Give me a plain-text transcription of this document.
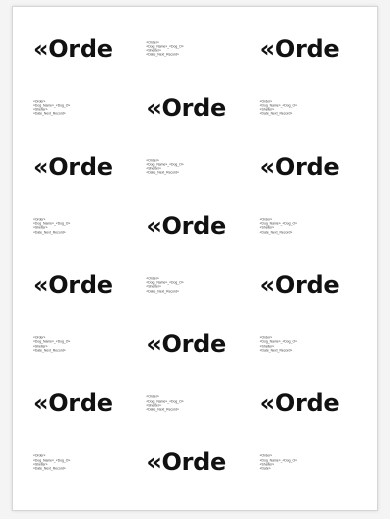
«Orde	«Order»
«Dog_Name»_«Dog_O»
«Shelter»
«Date_Next_Record»	«Orde
«Order»
«Dog_Name»_«Dog_O»
«Shelter»
«Date_Next_Record»	«Orde	«Order»
«Dog_Name»_«Dog_O»
«Shelter»
«Date_Next_Record»
«Orde	«Order»
«Dog_Name»_«Dog_O»
«Shelter»
«Date_Next_Record»	«Orde
«Order»
«Dog_Name»_«Dog_O»
«Shelter»
«Date_Next_Record»	«Orde	«Order»
«Dog_Name»_«Dog_O»
«Shelter»
«Date_Next_Record»
«Orde	«Order»
«Dog_Name»_«Dog_O»
«Shelter»
«Date_Next_Record»	«Orde
«Order»
«Dog_Name»_«Dog_O»
«Shelter»
«Date_Next_Record»	«Orde	«Order»
«Dog_Name»_«Dog_O»
«Shelter»
«Date_Next_Record»
«Orde	«Order»
«Dog_Name»_«Dog_O»
«Shelter»
«Date_Next_Record»	«Orde
«Order»
«Dog_Name»_«Dog_O»
«Shelter»
«Date_Next_Record»	«Orde	«Order»
«Dog_Name»_«Dog_O»
«Shelter»
«Date»
